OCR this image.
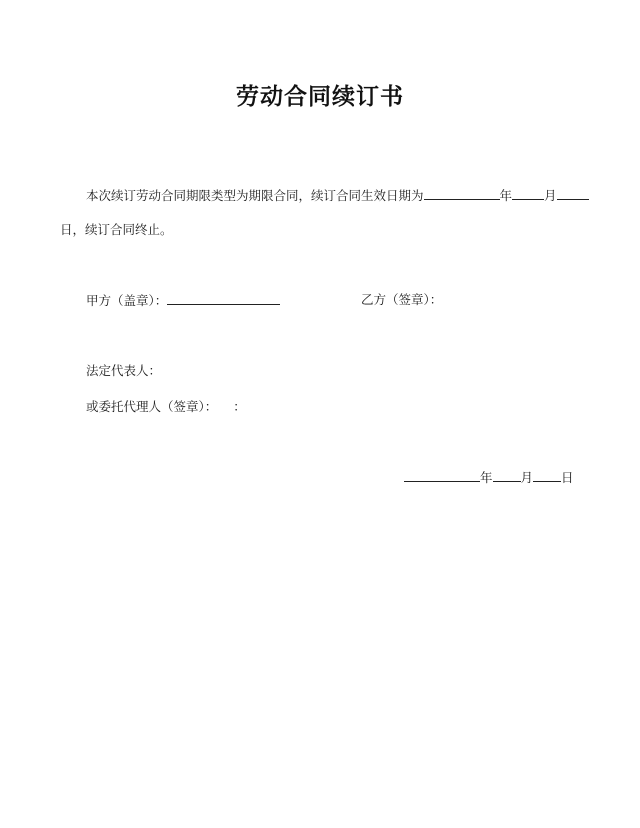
劳动合同续订书
本次续订劳动合同期限类型为期限合同，续订合同生效日期为	年	月
日，续订合同终止。
甲方（盖章）：	乙方（签章）：
法定代表人：
或委托代理人（签章）： ：
年 月 日
